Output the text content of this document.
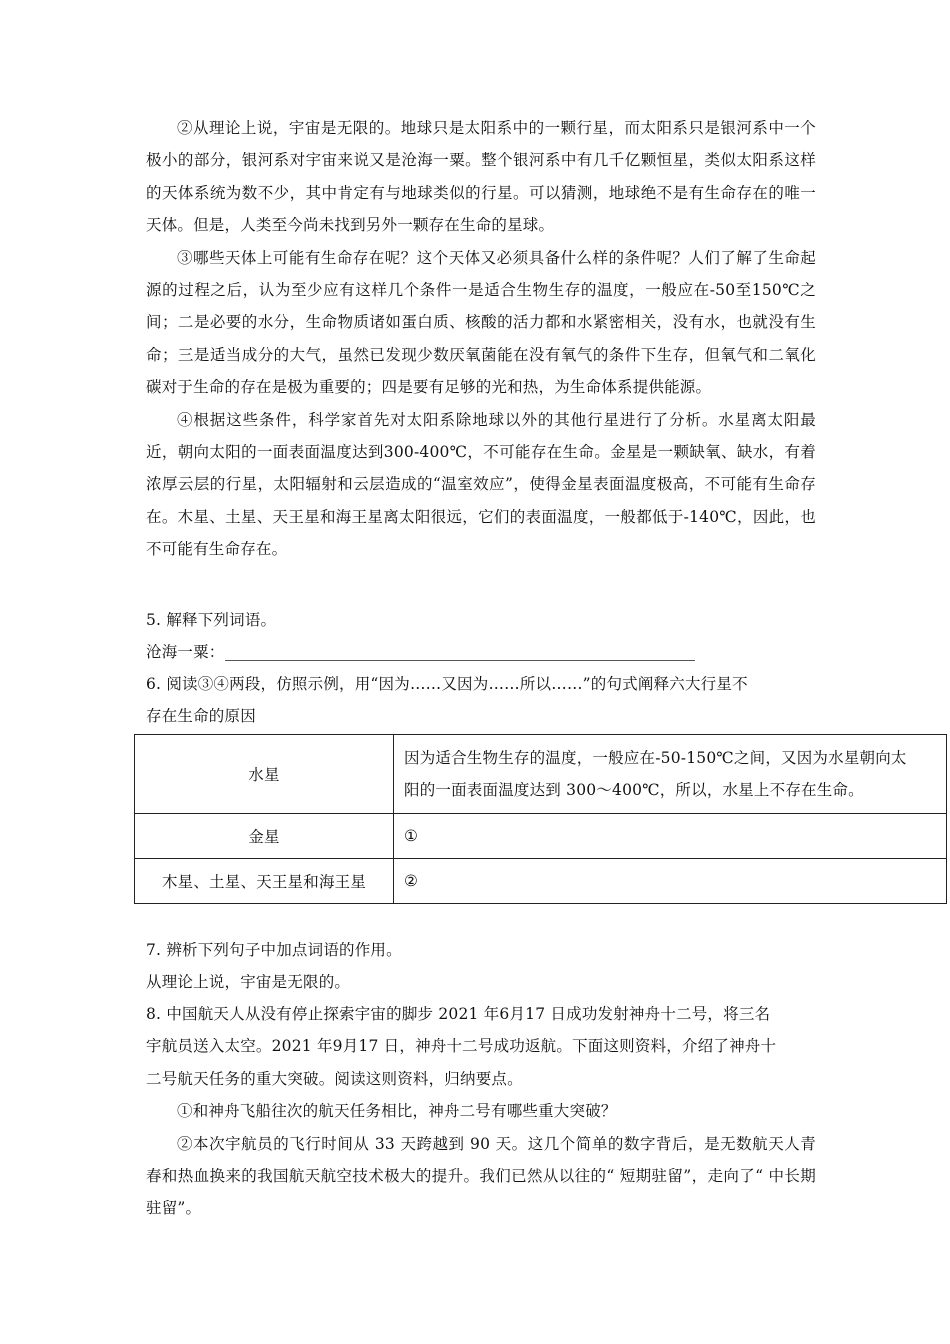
②从理论上说，宇宙是无限的。地球只是太阳系中的一颗行星，而太阳系只是银河系中一个极小的部分，银河系对宇宙来说又是沧海一粟。整个银河系中有几千亿颗恒星，类似太阳系这样的天体系统为数不少，其中肯定有与地球类似的行星。可以猜测，地球绝不是有生命存在的唯一天体。但是，人类至今尚未找到另外一颗存在生命的星球。

③哪些天体上可能有生命存在呢？这个天体又必须具备什么样的条件呢？人们了解了生命起源的过程之后，认为至少应有这样几个条件一是适合生物生存的温度，一般应在-50至150℃之间；二是必要的水分，生命物质诸如蛋白质、核酸的活力都和水紧密相关，没有水，也就没有生命；三是适当成分的大气，虽然已发现少数厌氧菌能在没有氧气的条件下生存，但氧气和二氧化碳对于生命的存在是极为重要的；四是要有足够的光和热，为生命体系提供能源。

④根据这些条件，科学家首先对太阳系除地球以外的其他行星进行了分析。水星离太阳最近，朝向太阳的一面表面温度达到300-400℃，不可能存在生命。金星是一颗缺氧、缺水，有着浓厚云层的行星，太阳辐射和云层造成的“温室效应”，使得金星表面温度极高，不可能有生命存在。木星、土星、天王星和海王星离太阳很远，它们的表面温度，一般都低于-140℃，因此，也不可能有生命存在。

5. 解释下列词语。

沧海一粟：

6. 阅读③④两段，仿照示例，用“因为……又因为……所以……”的句式阐释六大行星不

存在生命的原因

水星	因为适合生物生存的温度，一般应在-50-150℃之间，又因为水星朝向太
阳的一面表面温度达到 300～400℃，所以，水星上不存在生命。

金星	①
木星、土星、天王星和海王星	②

7. 辨析下列句子中加点词语的作用。

从理论上说，宇宙是无限的。

8. 中国航天人从没有停止探索宇宙的脚步 2021 年6月17 日成功发射神舟十二号，将三名

宇航员送入太空。2021 年9月17 日，神舟十二号成功返航。下面这则资料，介绍了神舟十

二号航天任务的重大突破。阅读这则资料，归纳要点。

①和神舟飞船往次的航天任务相比，神舟二号有哪些重大突破？

②本次宇航员的飞行时间从 33 天跨越到 90 天。这几个简单的数字背后，是无数航天人青春和热血换来的我国航天航空技术极大的提升。我们已然从以往的“ 短期驻留”，走向了“ 中长期驻留”。
